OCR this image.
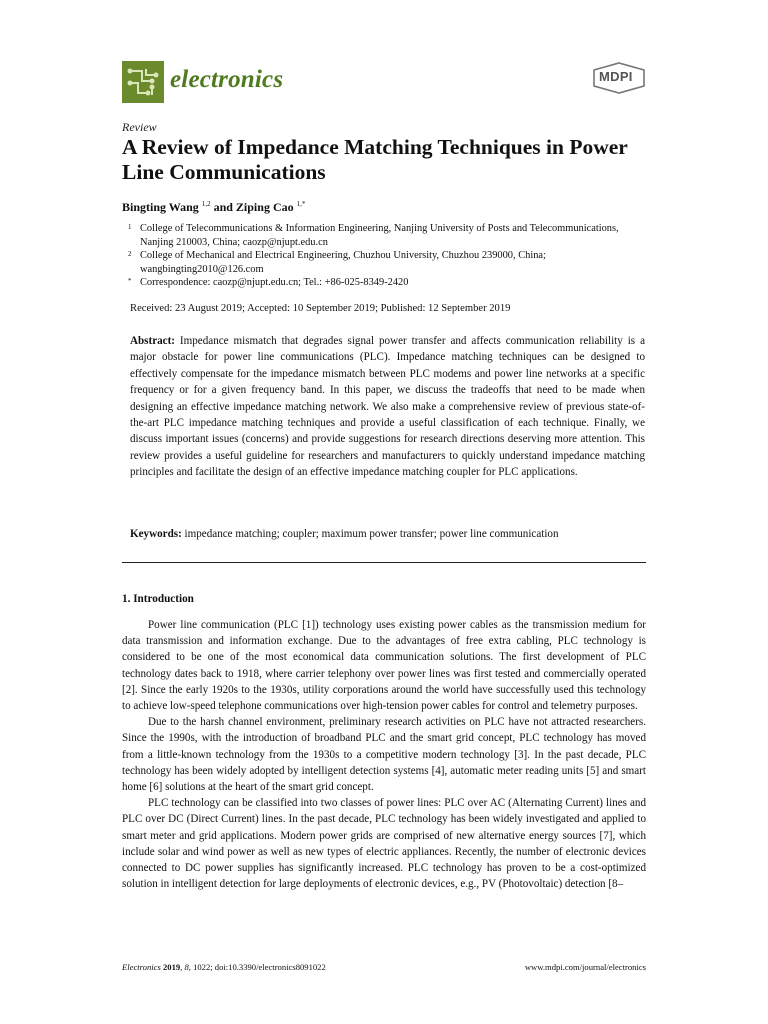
electronics	MDPI
Review
A Review of Impedance Matching Techniques in Power Line Communications
Bingting Wang $^{1,2}$ and Ziping Cao $^{1,*}$
1 College of Telecommunications & Information Engineering, Nanjing University of Posts and Telecommunications, Nanjing 210003, China; caozp@njupt.edu.cn
2 College of Mechanical and Electrical Engineering, Chuzhou University, Chuzhou 239000, China; wangbingting2010@126.com
* Correspondence: caozp@njupt.edu.cn; Tel.: +86-025-8349-2420
Received: 23 August 2019; Accepted: 10 September 2019; Published: 12 September 2019
Abstract: Impedance mismatch that degrades signal power transfer and affects communication reliability is a major obstacle for power line communications (PLC). Impedance matching techniques can be designed to effectively compensate for the impedance mismatch between PLC modems and power line networks at a specific frequency or for a given frequency band. In this paper, we discuss the tradeoffs that need to be made when designing an effective impedance matching network. We also make a comprehensive review of previous state-of-the-art PLC impedance matching techniques and provide a useful classification of each technique. Finally, we discuss important issues (concerns) and provide suggestions for research directions deserving more attention. This review provides a useful guideline for researchers and manufacturers to quickly understand impedance matching principles and facilitate the design of an effective impedance matching coupler for PLC applications.
Keywords: impedance matching; coupler; maximum power transfer; power line communication
1. Introduction

Power line communication (PLC [1]) technology uses existing power cables as the transmission medium for data transmission and information exchange. Due to the advantages of free extra cabling, PLC technology is considered to be one of the most economical data communication solutions. The first development of PLC technology dates back to 1918, where carrier telephony over power lines was first tested and commercially operated [2]. Since the early 1920s to the 1930s, utility corporations around the world have successfully used this technology to achieve low-speed telephone communications over high-tension power cables for control and telemetry purposes.

Due to the harsh channel environment, preliminary research activities on PLC have not attracted researchers. Since the 1990s, with the introduction of broadband PLC and the smart grid concept, PLC technology has moved from a little-known technology from the 1930s to a competitive modern technology [3]. In the past decade, PLC technology has been widely adopted by intelligent detection systems [4], automatic meter reading units [5] and smart home [6] solutions at the heart of the smart grid concept.

PLC technology can be classified into two classes of power lines: PLC over AC (Alternating Current) lines and PLC over DC (Direct Current) lines. In the past decade, PLC technology has been widely investigated and applied to smart meter and grid applications. Modern power grids are comprised of new alternative energy sources [7], which include solar and wind power as well as new types of electric appliances. Recently, the number of electronic devices connected to DC power supplies has significantly increased. PLC technology has proven to be a cost-optimized solution in intelligent detection for large deployments of electronic devices, e.g., PV (Photovoltaic) detection [8–

Electronics 2019, 8, 1022; doi:10.3390/electronics8091022	www.mdpi.com/journal/electronics
